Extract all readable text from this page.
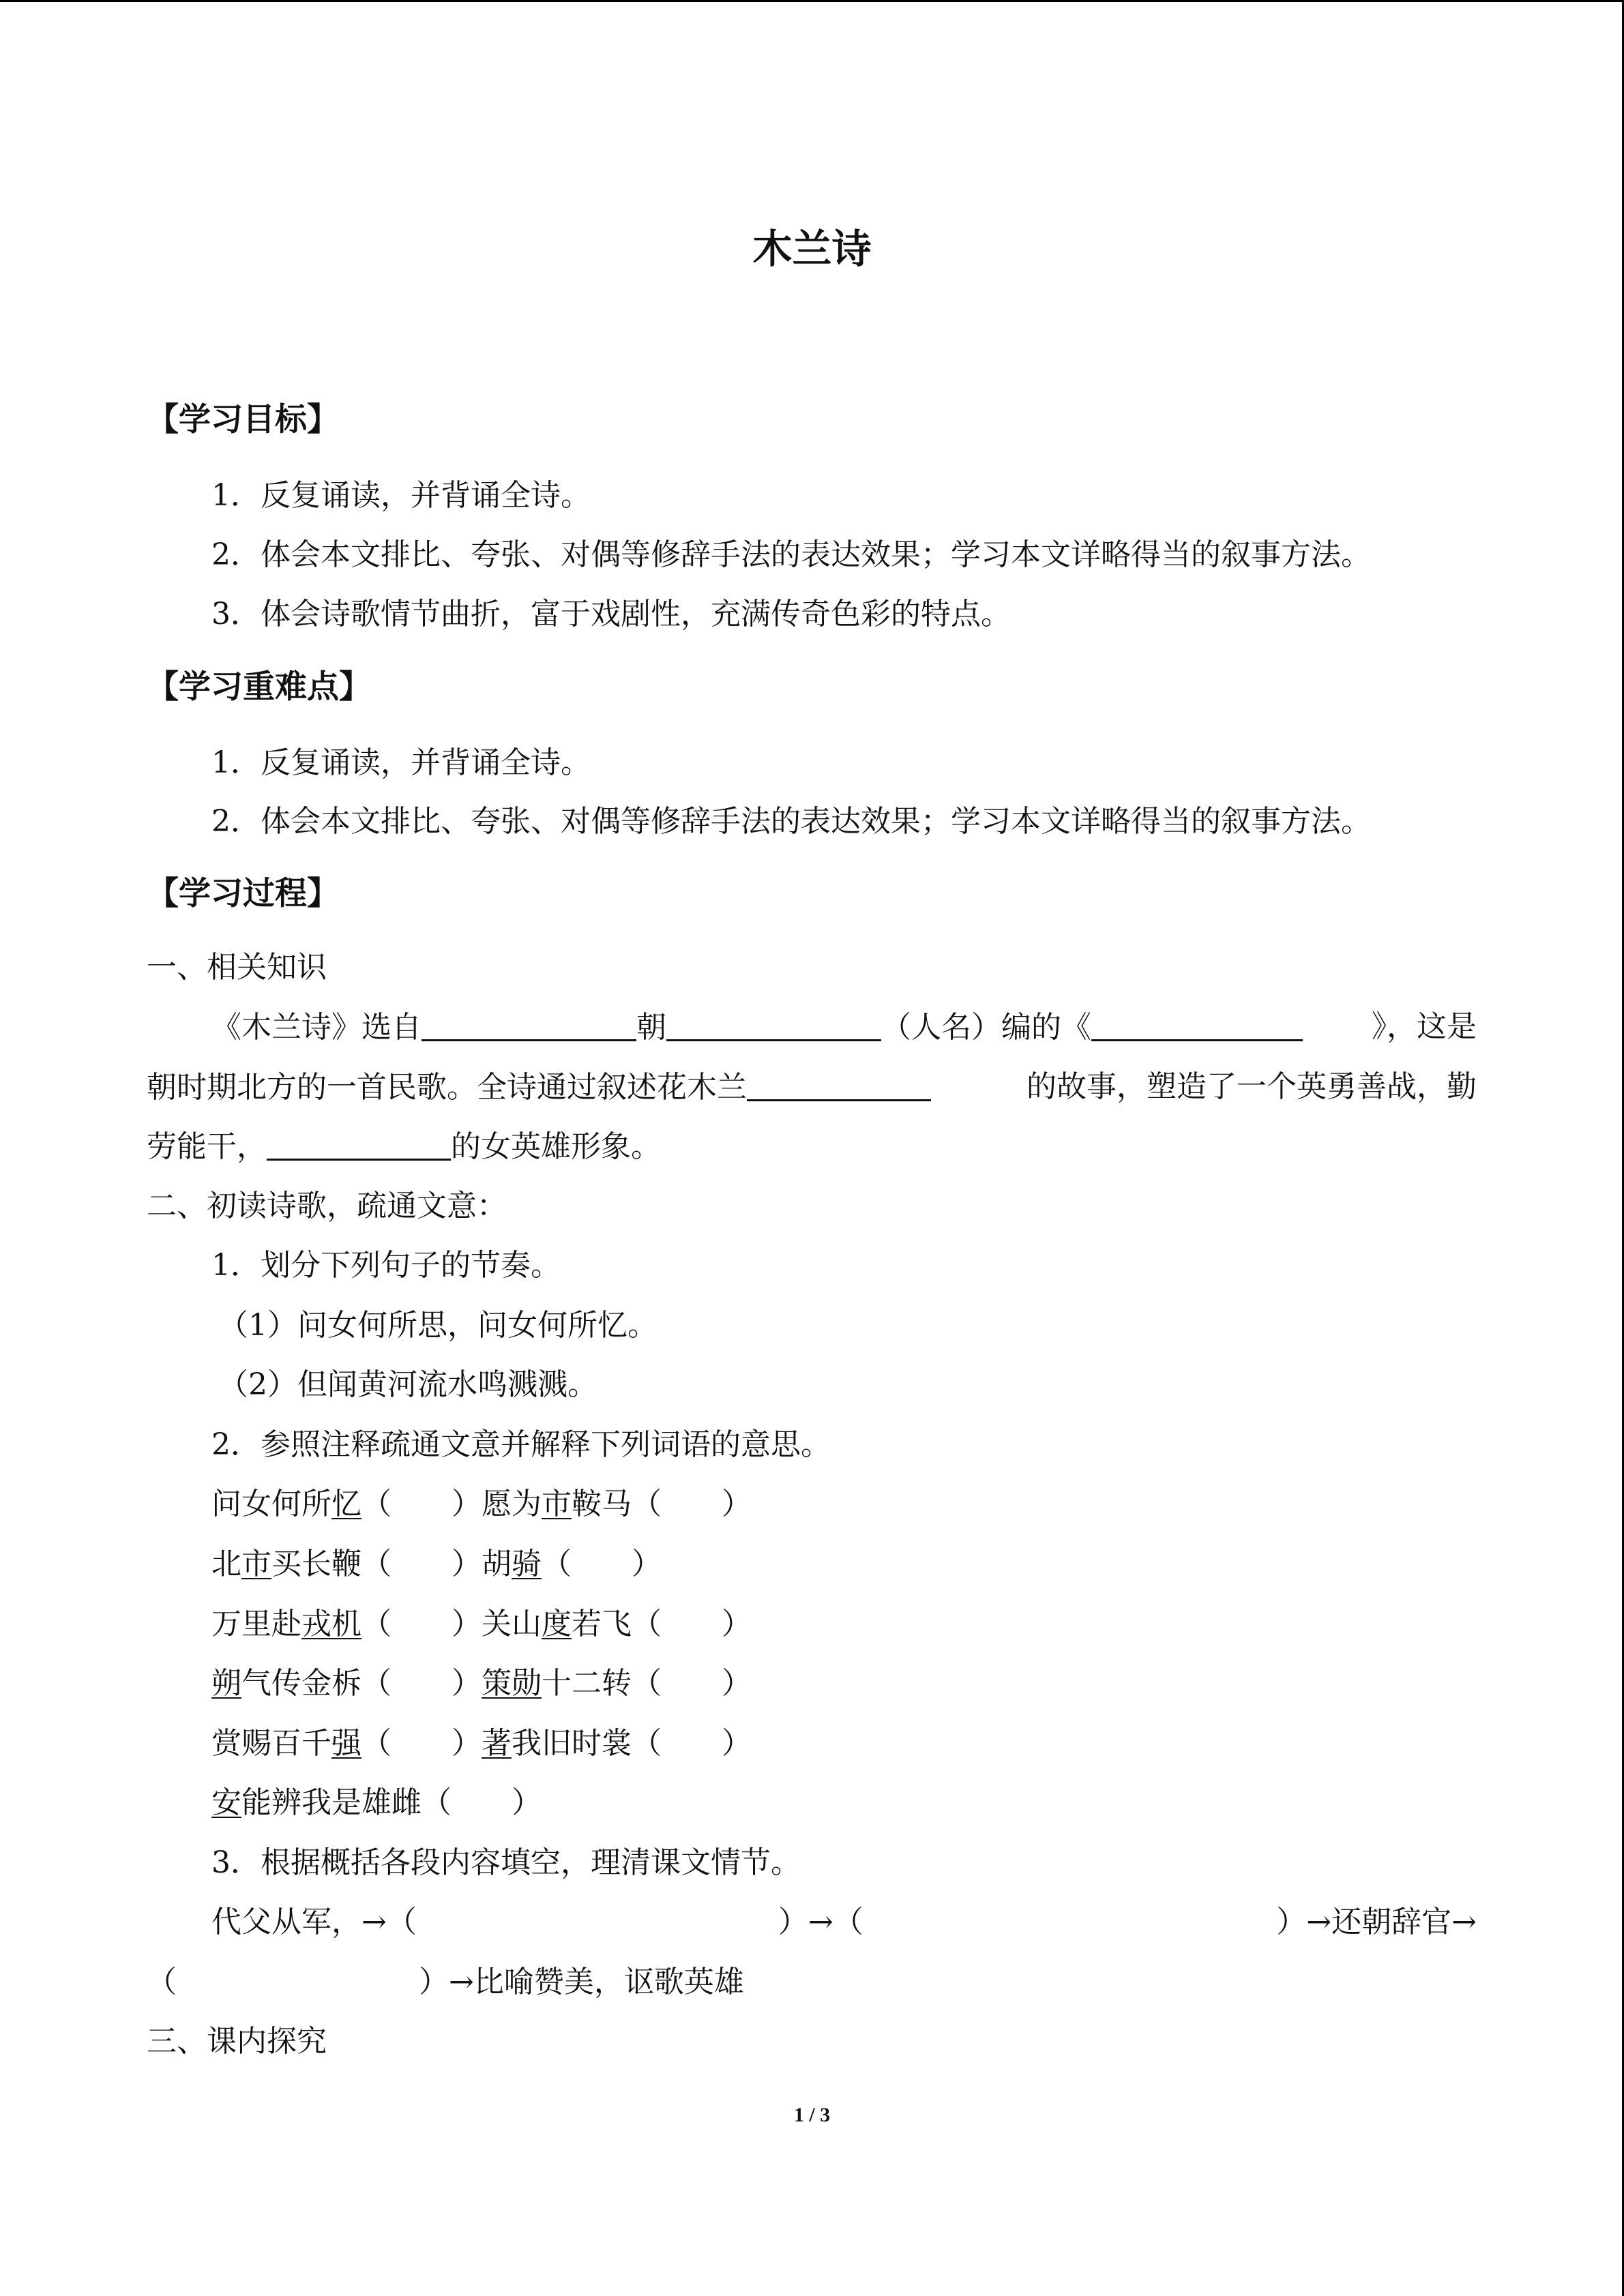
木兰诗
【学习目标】
1．反复诵读，并背诵全诗。
2．体会本文排比、夸张、对偶等修辞手法的表达效果；学习本文详略得当的叙事方法。
3．体会诗歌情节曲折，富于戏剧性，充满传奇色彩的特点。
【学习重难点】
1．反复诵读，并背诵全诗。
2．体会本文排比、夸张、对偶等修辞手法的表达效果；学习本文详略得当的叙事方法。
【学习过程】
一、相关知识
《木兰诗》选自	朝	（人名）编的《	》，这是
朝时期北方的一首民歌。全诗通过叙述花木兰	的故事，塑造了一个英勇善战，勤
劳能干，	的女英雄形象。
二、初读诗歌，疏通文意：
1．划分下列句子的节奏。
（1）问女何所思，问女何所忆。
（2）但闻黄河流水鸣溅溅。
2．参照注释疏通文意并解释下列词语的意思。
问女何所忆（　　）愿为市鞍马（　　）
北市买长鞭（　　）胡骑（　　）
万里赴戎机（　　）关山度若飞（　　）
朔气传金柝（　　）策勋十二转（　　）
赏赐百千强（　　）著我旧时裳（　　）
安能辨我是雄雌（　　）
3．根据概括各段内容填空，理清课文情节。
代父从军，→（	）→（	）→还朝辞官→
（	）→比喻赞美，讴歌英雄
三、课内探究
1 / 3
